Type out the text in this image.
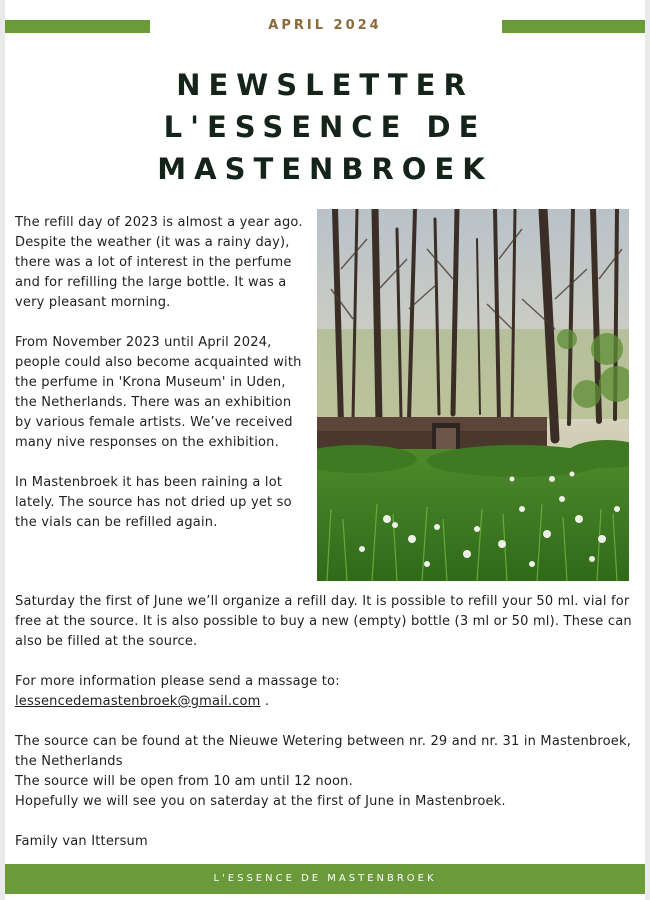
APRIL 2024
NEWSLETTER
L'ESSENCE DE
MASTENBROEK

The refill day of 2023 is almost a year ago. Despite the weather (it was a rainy day), there was a lot of interest in the perfume and for refilling the large bottle. It was a very pleasant morning.

From November 2023 until April 2024, people could also become acquainted with the perfume in 'Krona Museum' in Uden, the Netherlands. There was an exhibition by various female artists. We’ve received many nive responses on the exhibition.

In Mastenbroek it has been raining a lot lately. The source has not dried up yet so the vials can be refilled again.

Saturday the first of June we’ll organize a refill day. It is possible to refill your 50 ml. vial for free at the source. It is also possible to buy a new (empty) bottle (3 ml or 50 ml). These can also be filled at the source.

For more information please send a massage to:
lessencedemastenbroek@gmail.com .

The source can be found at the Nieuwe Wetering between nr. 29 and nr. 31 in Mastenbroek, the Netherlands

The source will be open from 10 am until 12 noon.

Hopefully we will see you on saterday at the first of June in Mastenbroek.

Family van Ittersum

L'ESSENCE DE MASTENBROEK
